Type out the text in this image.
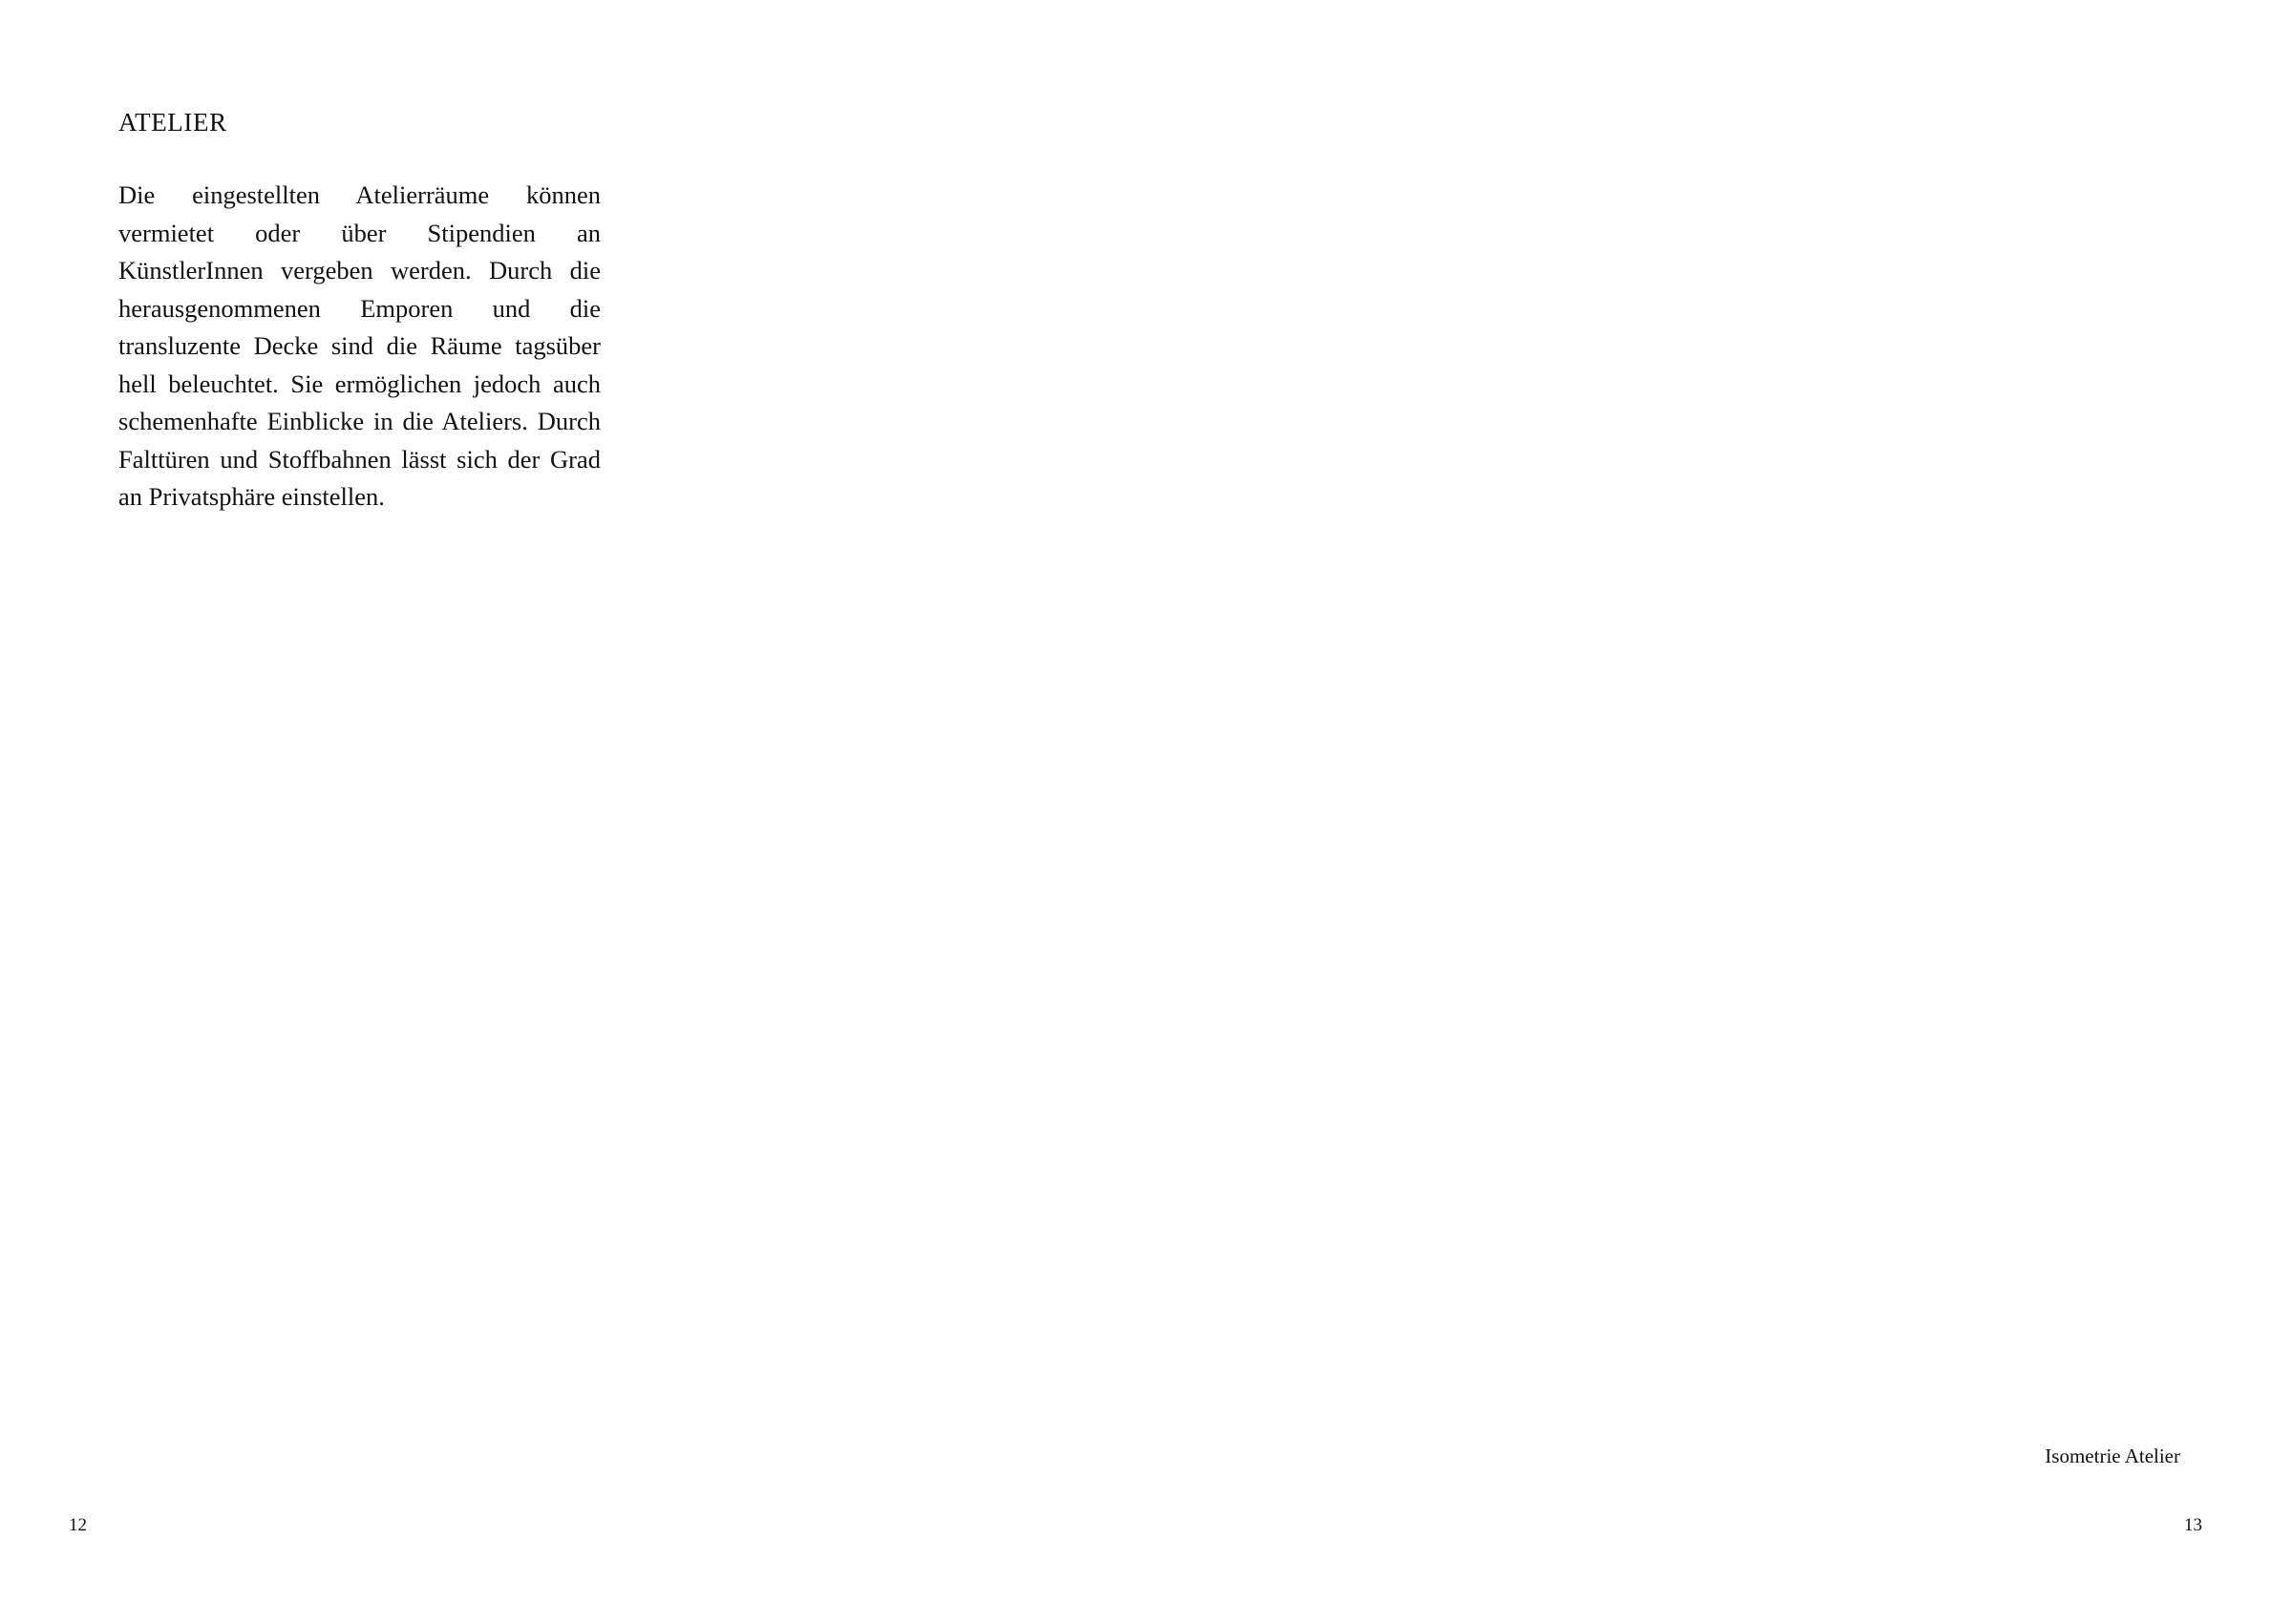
ATELIER
Die eingestellten Atelierräume können vermietet oder über Stipendien an KünstlerInnen vergeben werden. Durch die herausgenommenen Emporen und die transluzente Decke sind die Räume tagsüber hell beleuchtet. Sie ermöglichen jedoch auch schemenhafte Einblicke in die Ateliers. Durch Falttüren und Stoffbahnen lässt sich der Grad an Privatsphäre einstellen.
12
Isometrie Atelier
13
